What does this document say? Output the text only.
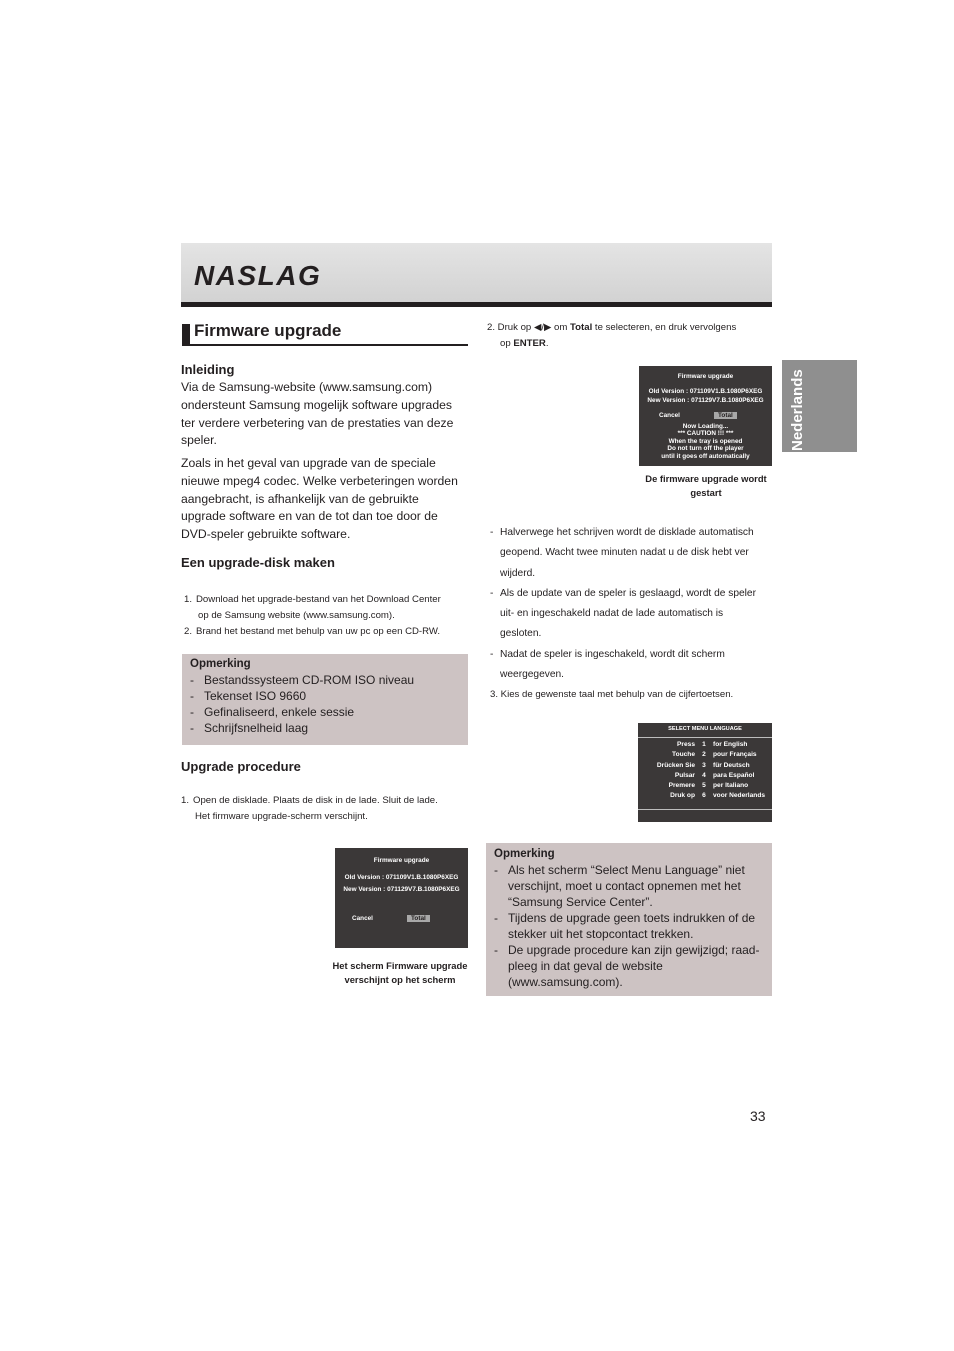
NASLAG
Firmware upgrade
Inleiding
Via de Samsung-website (www.samsung.com)
ondersteunt Samsung mogelijk software upgrades
ter verdere verbetering van de prestaties van deze
speler.
Zoals in het geval van upgrade van de speciale
nieuwe mpeg4 codec. Welke verbeteringen worden
aangebracht, is afhankelijk van de gebruikte
upgrade software en van de tot dan toe door de
DVD-speler gebruikte software.
Een upgrade-disk maken
1. Download het upgrade-bestand van het Download Center
op de Samsung website (www.samsung.com).
2. Brand het bestand met behulp van uw pc op een CD-RW.
Opmerking
- Bestandssysteem CD-ROM ISO niveau
- Tekenset ISO 9660
- Gefinaliseerd, enkele sessie
- Schrijfsnelheid laag
Upgrade procedure
1. Open de disklade. Plaats de disk in de lade. Sluit de lade.
Het firmware upgrade-scherm verschijnt.
Firmware upgrade
Old Version : 071109V1.B.1080P6XEG
New Version : 071129V7.B.1080P6XEG
Cancel	Total
Het scherm Firmware upgrade
verschijnt op het scherm
2. Druk op ◀/▶ om Total te selecteren, en druk vervolgens
op ENTER.
Firmware upgrade
Old Version : 071109V1.B.1080P6XEG
New Version : 071129V7.B.1080P6XEG
Cancel	Total
Now Loading...
*** CAUTION !!! ***
When the tray is opened
Do not turn off the player
until it goes off automatically
De firmware upgrade wordt
gestart
- Halverwege het schrijven wordt de disklade automatisch
geopend. Wacht twee minuten nadat u de disk hebt ver
wijderd.
- Als de update van de speler is geslaagd, wordt de speler
uit- en ingeschakeld nadat de lade automatisch is
gesloten.
- Nadat de speler is ingeschakeld, wordt dit scherm
weergegeven.
3. Kies de gewenste taal met behulp van de cijfertoetsen.
SELECT MENU LANGUAGE
Press	1	for English
Touche	2	pour Français
Drücken Sie	3	für Deutsch
Pulsar	4	para Español
Premere	5	per Italiano
Druk op	6	voor Nederlands
Opmerking
- Als het scherm “Select Menu Language” niet
verschijnt, moet u contact opnemen met het
“Samsung Service Center”.
- Tijdens de upgrade geen toets indrukken of de
stekker uit het stopcontact trekken.
- De upgrade procedure kan zijn gewijzigd; raad-
pleeg in dat geval de website
(www.samsung.com).
33
